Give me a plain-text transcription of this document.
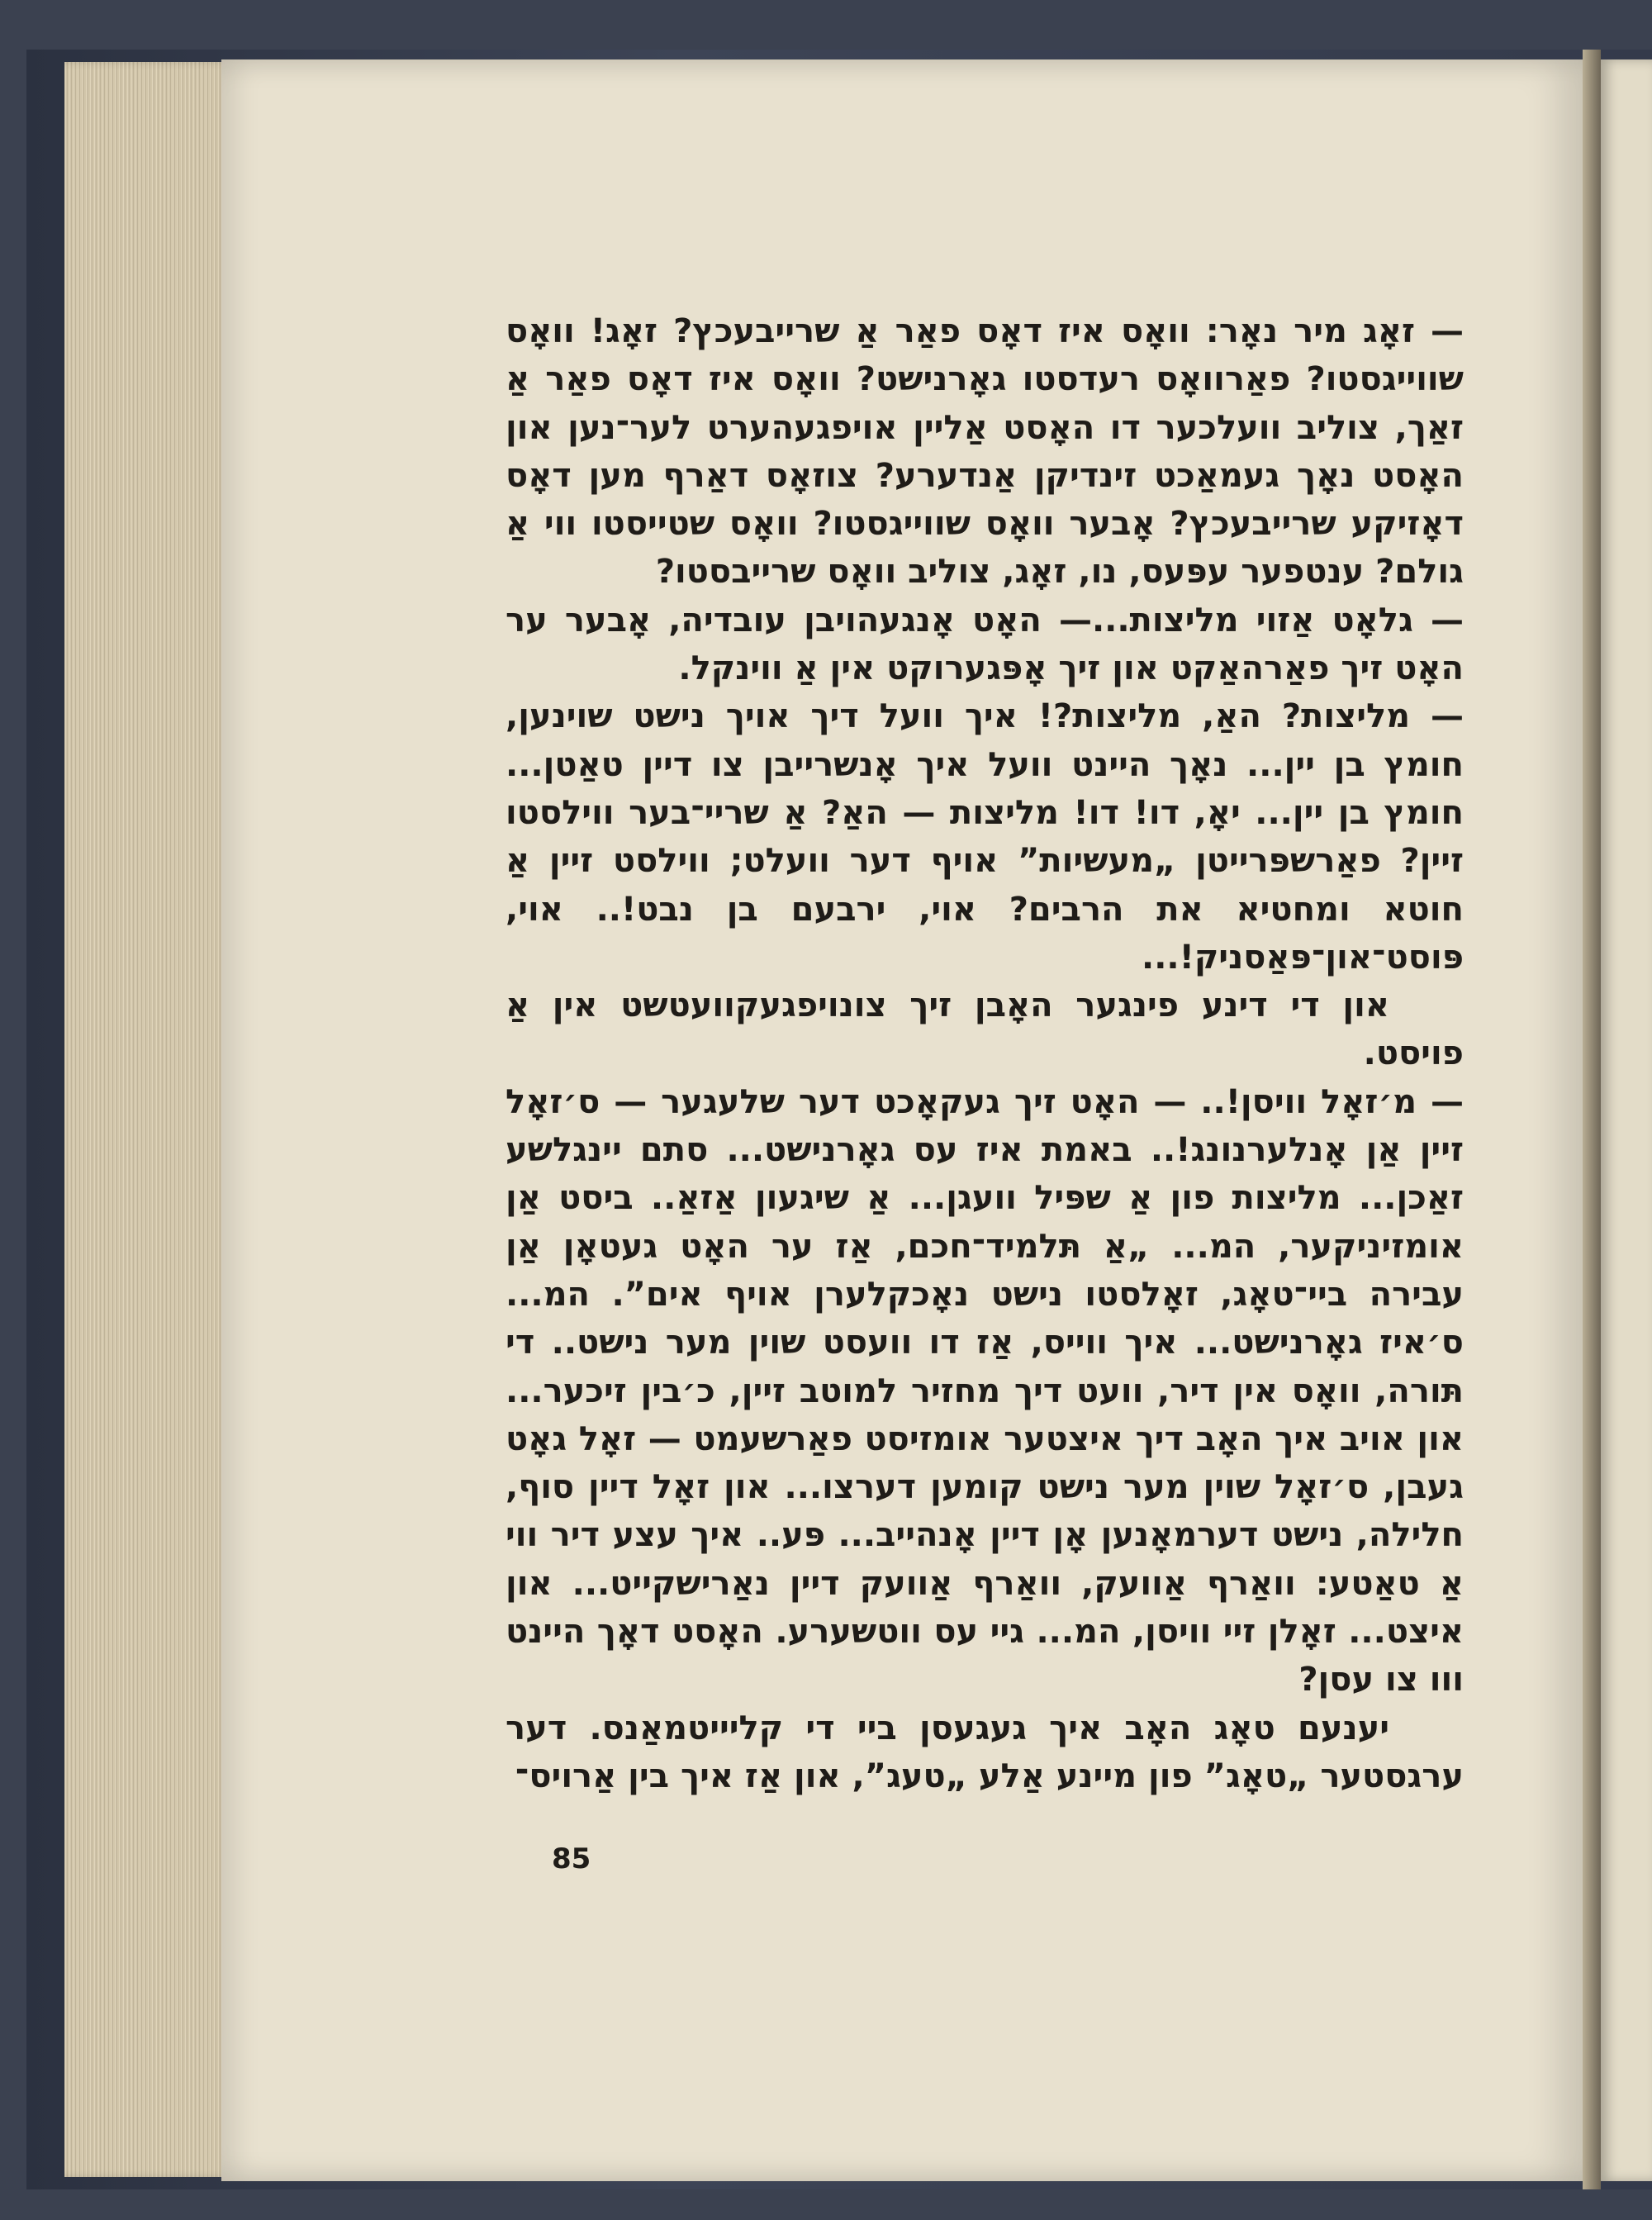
— זאָג מיר נאָר: וואָס איז דאָס פאַר אַ שרייבעכץ? זאָג! וואָס שווייגסטו? פאַרוואָס רעדסטו גאָרנישט? וואָס איז דאָס פאַר אַ זאַך, צוליב וועלכער דו האָסט אַליין אויפגעהערט לער־נען און האָסט נאָך געמאַכט זינדיקן אַנדערע? צוזאָס דאַרף מען דאָס דאָזיקע שרייבעכץ? אָבער וואָס שווייגסטו? וואָס שטייסטו ווי אַ גולם? ענטפער עפּעס, נו, זאָג, צוליב וואָס שרייבסטו?

— גלאָט אַזוי מליצות...— האָט אָנגעהויבן עובדיה, אָבער ער האָט זיך פאַרהאַקט און זיך אָפּגערוקט אין אַ ווינקל.

— מליצות? האַ, מליצות?! איך וועל דיך אויך נישט שוינען, חומץ בן יין... נאָך היינט וועל איך אָנשרייבן צו דיין טאַטן... חומץ בן יין... יאָ, דו! דו! מליצות — האַ? אַ שריי־בער ווילסטו זיין? פאַרשפּרייטן „מעשיות” אויף דער וועלט; ווילסט זיין אַ חוטא ומחטיא את הרבים? אוי, ירבעם בן נבט!.. אוי, פּוסט־און־פּאַסניק!...

און די דינע פינגער האָבן זיך צונויפגעקוועטשט אין אַ פויסט.

— מ׳זאָל וויסן!.. — האָט זיך געקאָכט דער שלעגער — ס׳זאָל זיין אַן אָנלערנונג!.. באמת איז עס גאָרנישט... סתם יינגלשע זאַכן... מליצות פון אַ שפּיל וועגן... אַ שיגעון אַזאַ.. ביסט אַן אומזיניקער, המ... „אַ תּלמיד־חכם, אַז ער האָט געטאָן אַן עבירה ביי־טאָג, זאָלסטו נישט נאָכקלערן אויף אים”. המ... ס׳איז גאָרנישט... איך ווייס, אַז דו וועסט שוין מער נישט.. די תּורה, וואָס אין דיר, וועט דיך מחזיר למוטב זיין, כ׳בין זיכער... און אויב איך האָב דיך איצטער אומזיסט פאַרשעמט — זאָל גאָט געבן, ס׳זאָל שוין מער נישט קומען דערצו... און זאָל דיין סוף, חלילה, נישט דערמאָנען אָן דיין אָנהייב... פּע.. איך עצע דיר ווי אַ טאַטע: וואַרף אַוועק, וואַרף אַוועק דיין נאַרישקייט... און איצט... זאָלן זיי וויסן, המ... גיי עס ווטשערע. האָסט דאָך היינט ווו צו עסן?

יענעם טאָג האָב איך געגעסן ביי די קליייטמאַנס. דער ערגסטער „טאָג” פון מיינע אַלע „טעג”, און אַז איך בין אַרויס־

85
